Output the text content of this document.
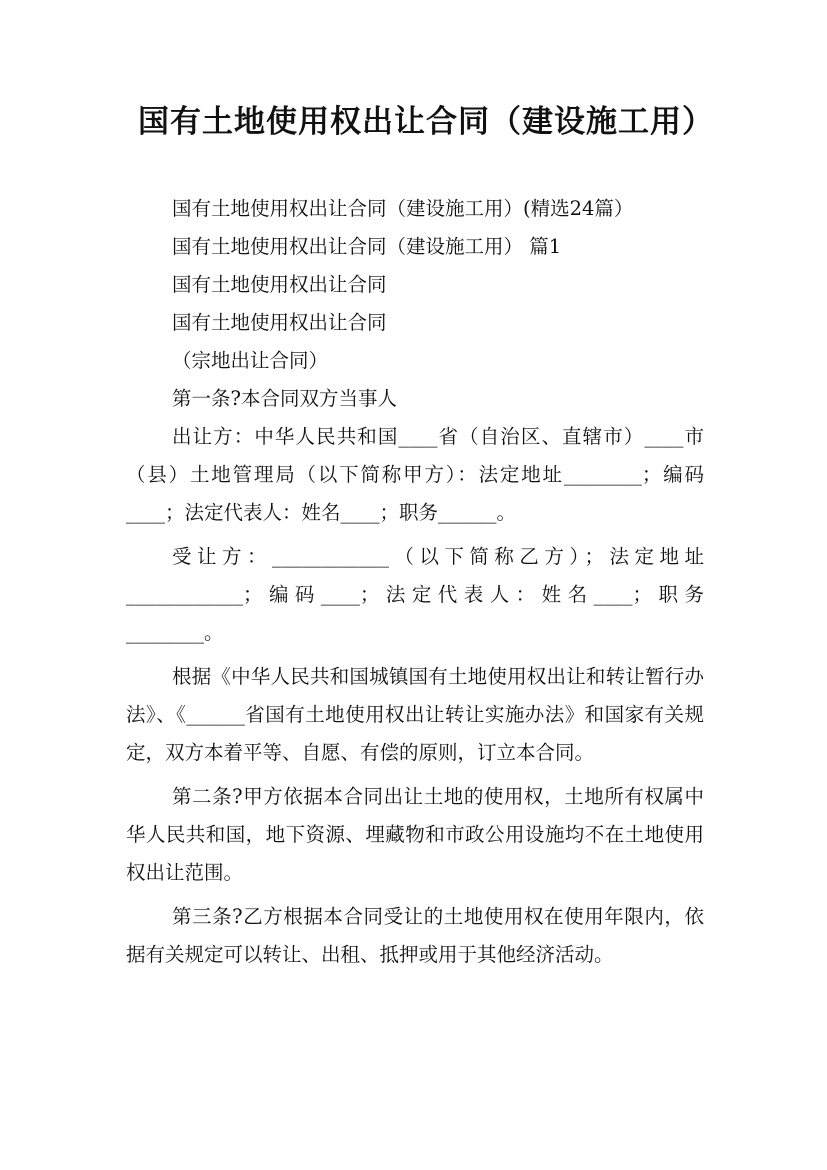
国有土地使用权出让合同（建设施工用）

国有土地使用权出让合同（建设施工用）(精选24篇）

国有土地使用权出让合同（建设施工用） 篇1

国有土地使用权出让合同

国有土地使用权出让合同

（宗地出让合同）

第一条?本合同双方当事人

出让方：中华人民共和国____省（自治区、直辖市）____市（县）土地管理局（以下简称甲方）：法定地址________；编码____；法定代表人：姓名____；职务______。

受让方：____________（以下简称乙方）；法定地址____________；编码____；法定代表人：姓名____；职务________。

根据《中华人民共和国城镇国有土地使用权出让和转让暂行办法》、《______省国有土地使用权出让转让实施办法》和国家有关规定，双方本着平等、自愿、有偿的原则，订立本合同。

第二条?甲方依据本合同出让土地的使用权，土地所有权属中华人民共和国，地下资源、埋藏物和市政公用设施均不在土地使用权出让范围。

第三条?乙方根据本合同受让的土地使用权在使用年限内，依据有关规定可以转让、出租、抵押或用于其他经济活动。
